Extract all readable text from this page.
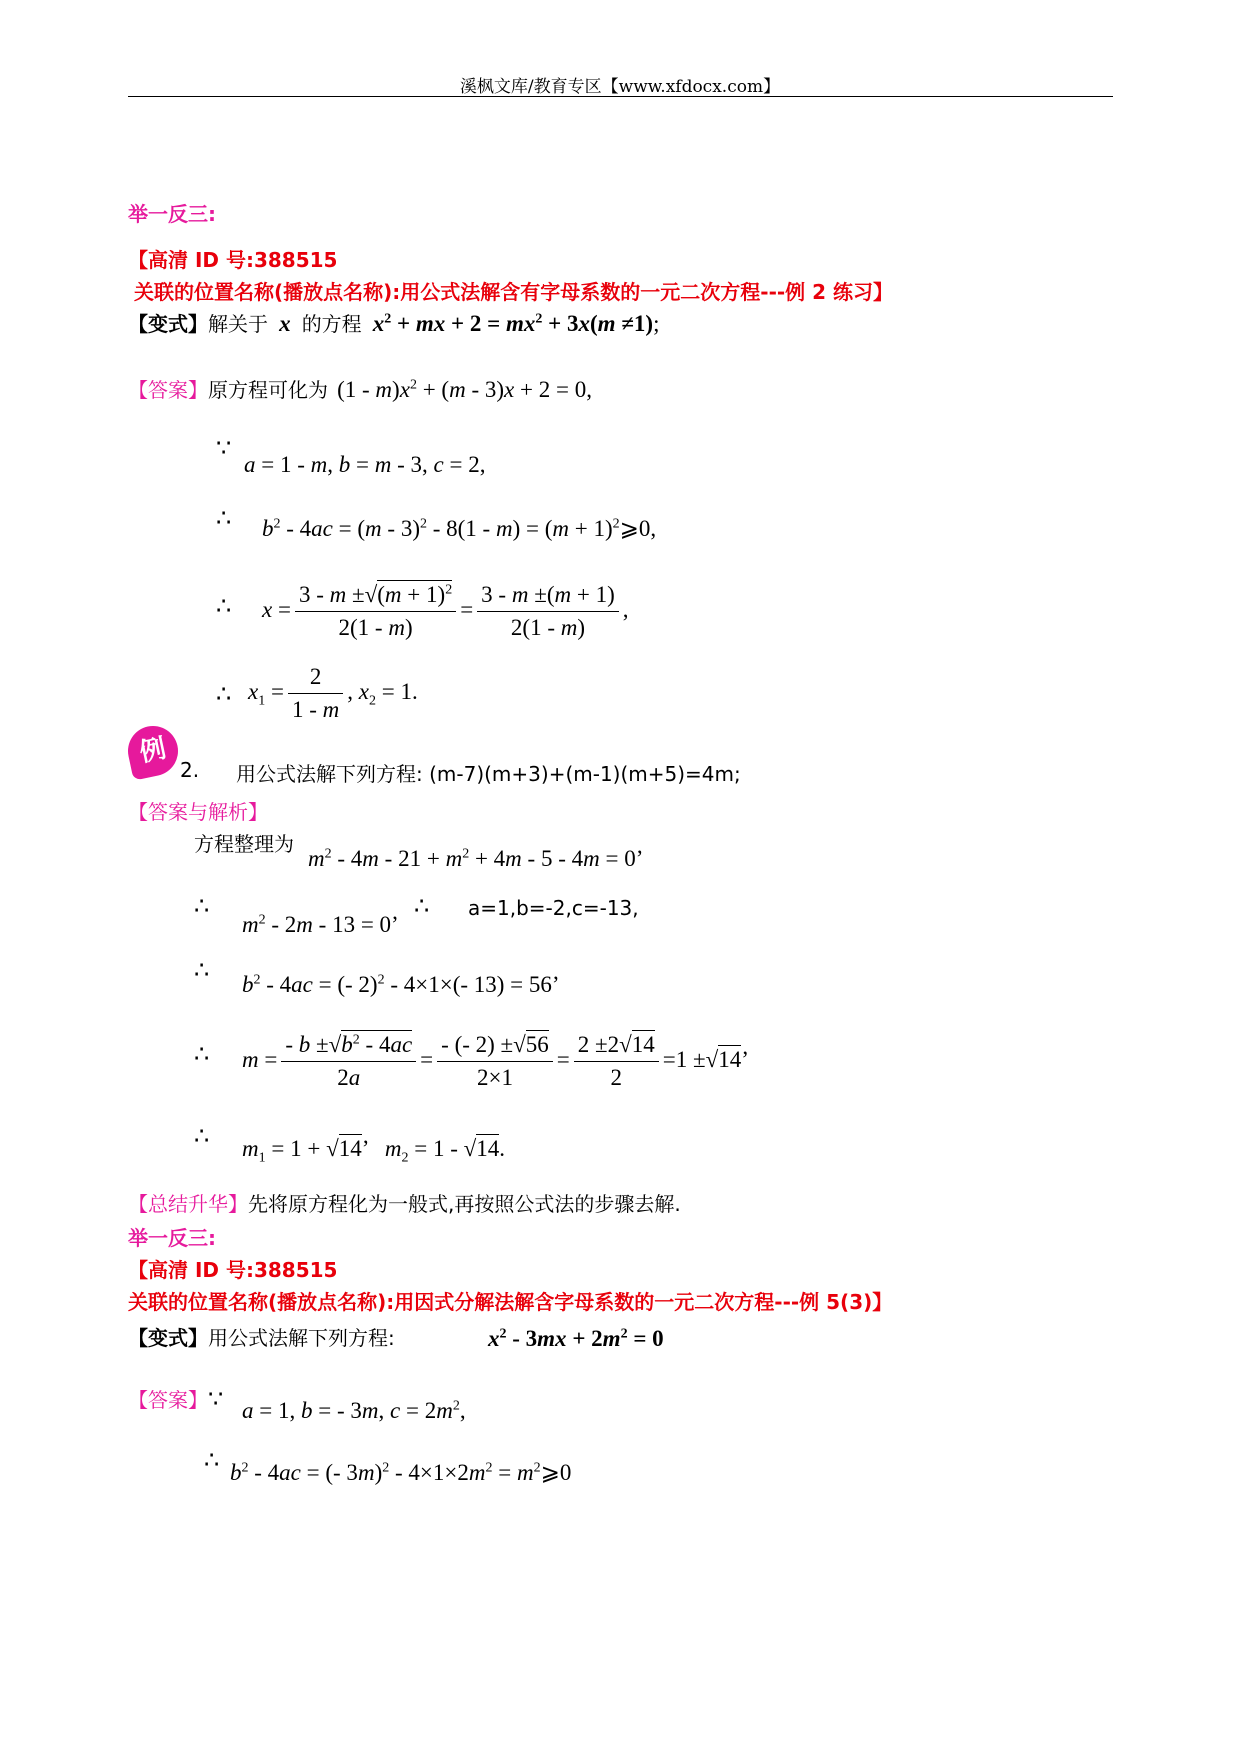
溪枫文库/教育专区【www.xfdocx.com】
举一反三:
【高清 ID 号:388515
关联的位置名称(播放点名称):用公式法解含有字母系数的一元二次方程---例 2 练习】
【变式】解关于 x 的方程 $x^2$ + mx + $2 = mx^2 + 3x(m \ne 1)$;
【答案】原方程可化为 $(1 - m)x^2 + (m - 3)x + 2 = 0$,
∵
a = 1 - m, b = m - 3, c = 2,
∴ $b^2 - 4ac = (m - 3)^2 - 8(1 - m) = (m$ + $1)^2⩾0$,
∴ $x = \frac{3 - m \pm√(m + 1)^2}{2(1 - m)} = \frac{3 - m \pm(m + 1)}{2(1 - m)}$ ,
∴ $x_1 = \frac{2}{1 - m}$ , $x_2 = 1$.
例
2. 用公式法解下列方程: (m-7)(m+3)+(m-1)(m+5)=4m;
【答案与解析】
方程整理为
$m^2 - 4m - 21 + m^2 + 4m - 5 - 4m = 0$’
∴
$m^2 - 2m - 13 = 0$’
∴ a=1,b=-2,c=-13,
∴
$b^2 - 4ac$ = (- 2)$^2$ - 4×1×(- 13) = 56’
∴ $m = \frac{- b \pm√b^2 - 4ac}{2a} = \frac{- (- 2) \pm√56}{2\times 1} = \frac{2 \pm 2√14}{2} =1 \pm√14$’
∴ $m_1 = 1 + √14$’   $m_2 = 1 - √14$.
【总结升华】先将原方程化为一般式,再按照公式法的步骤去解.
举一反三:
【高清 ID 号:388515
关联的位置名称(播放点名称):用因式分解法解含字母系数的一元二次方程---例 5(3)】
【变式】用公式法解下列方程:	$x^2 - 3mx + 2m^2 = 0$
【答案】∵ a = 1, b = - 3m, $c = 2m^2$,
∴ $b^2 - 4ac$ = (- $3m)^2 - 4\times 1\times 2m^2$ = $m^2⩾0$
